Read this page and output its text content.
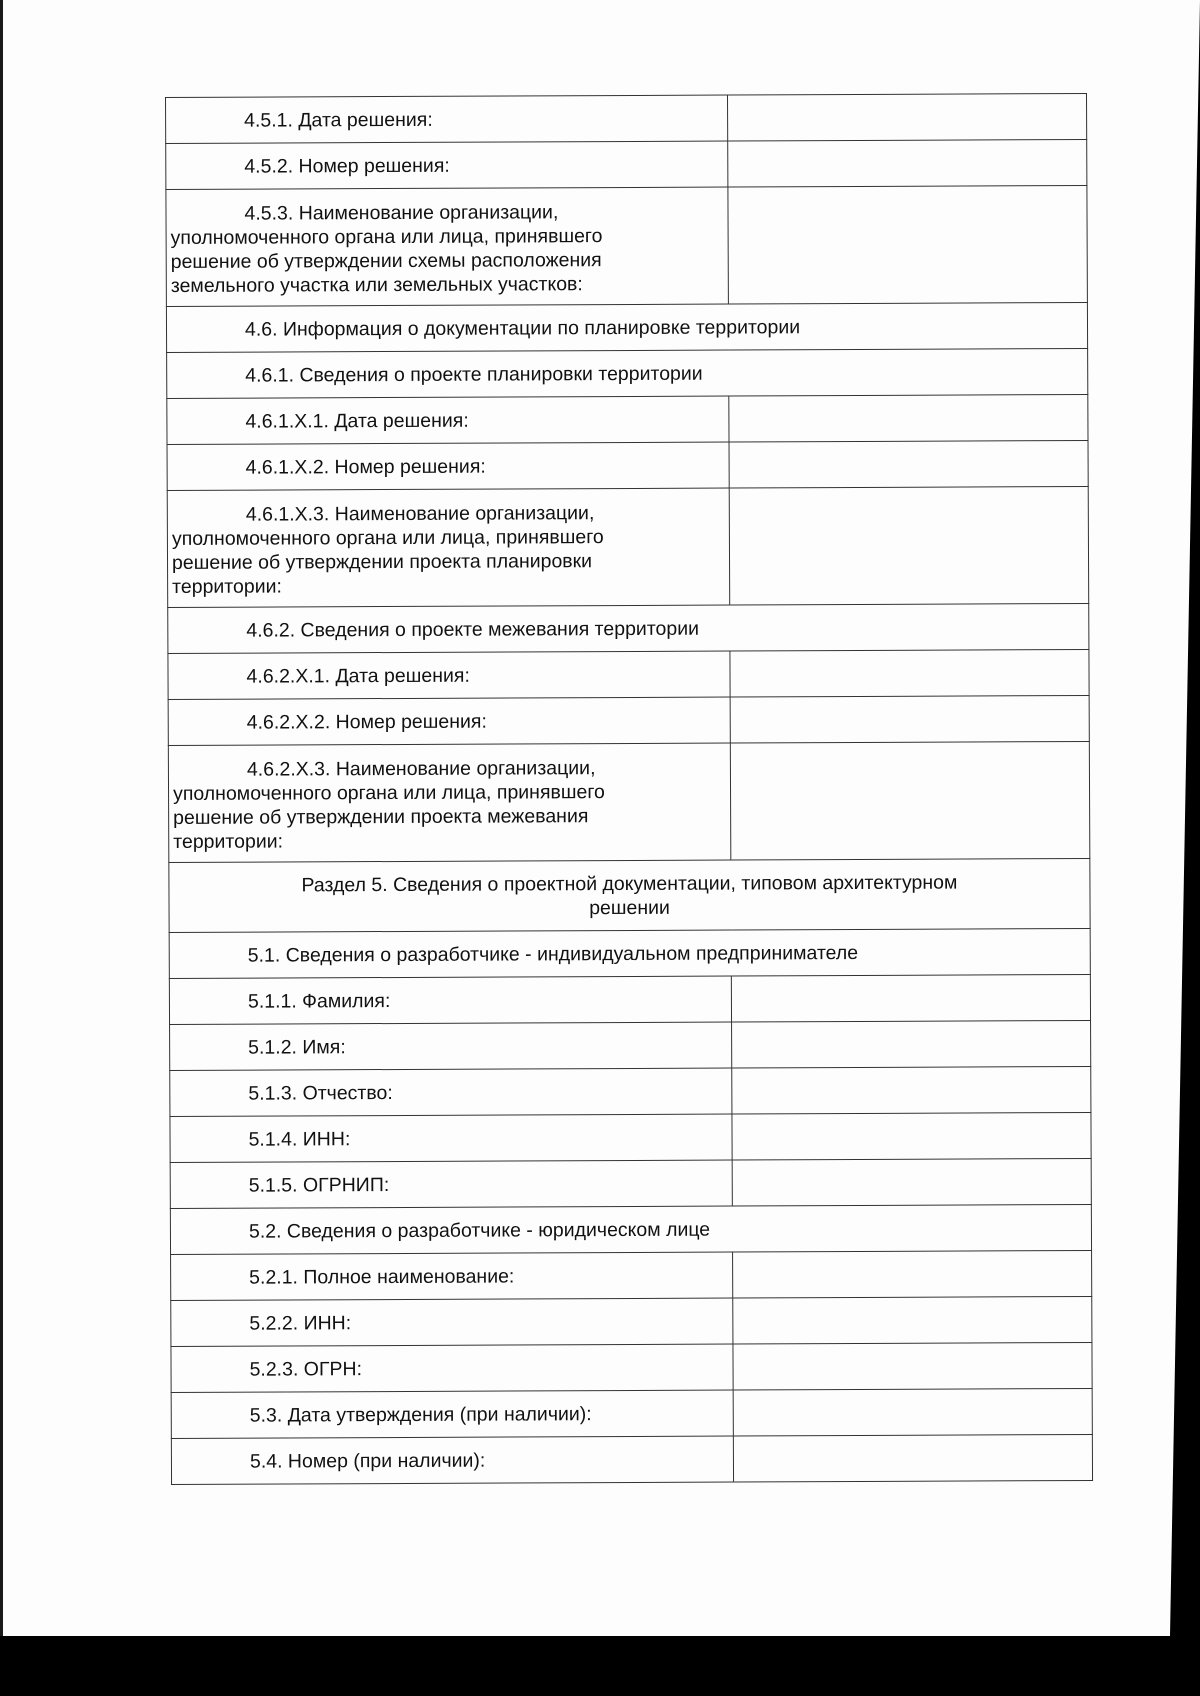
4.5.1. Дата решения:	
4.5.2. Номер решения:	

4.5.3. Наименование организации,
уполномоченного органа или лица, принявшего
решение об утверждении схемы расположения
земельного участка или земельных участков:	

4.6. Информация о документации по планировке территории	
4.6.1. Сведения о проекте планировки территории	
4.6.1.Х.1. Дата решения:	
4.6.1.Х.2. Номер решения:	

4.6.1.Х.3. Наименование организации,
уполномоченного органа или лица, принявшего
решение об утверждении проекта планировки
территории:	

4.6.2. Сведения о проекте межевания территории	
4.6.2.Х.1. Дата решения:	
4.6.2.Х.2. Номер решения:	

4.6.2.Х.3. Наименование организации,
уполномоченного органа или лица, принявшего
решение об утверждении проекта межевания
территории:	

Раздел 5. Сведения о проектной документации, типовом архитектурном
решении	

5.1. Сведения о разработчике - индивидуальном предпринимателе	
5.1.1. Фамилия:	
5.1.2. Имя:	
5.1.3. Отчество:	
5.1.4. ИНН:	
5.1.5. ОГРНИП:	
5.2. Сведения о разработчике - юридическом лице	
5.2.1. Полное наименование:	
5.2.2. ИНН:	
5.2.3. ОГРН:	
5.3. Дата утверждения (при наличии):	
5.4. Номер (при наличии):	
